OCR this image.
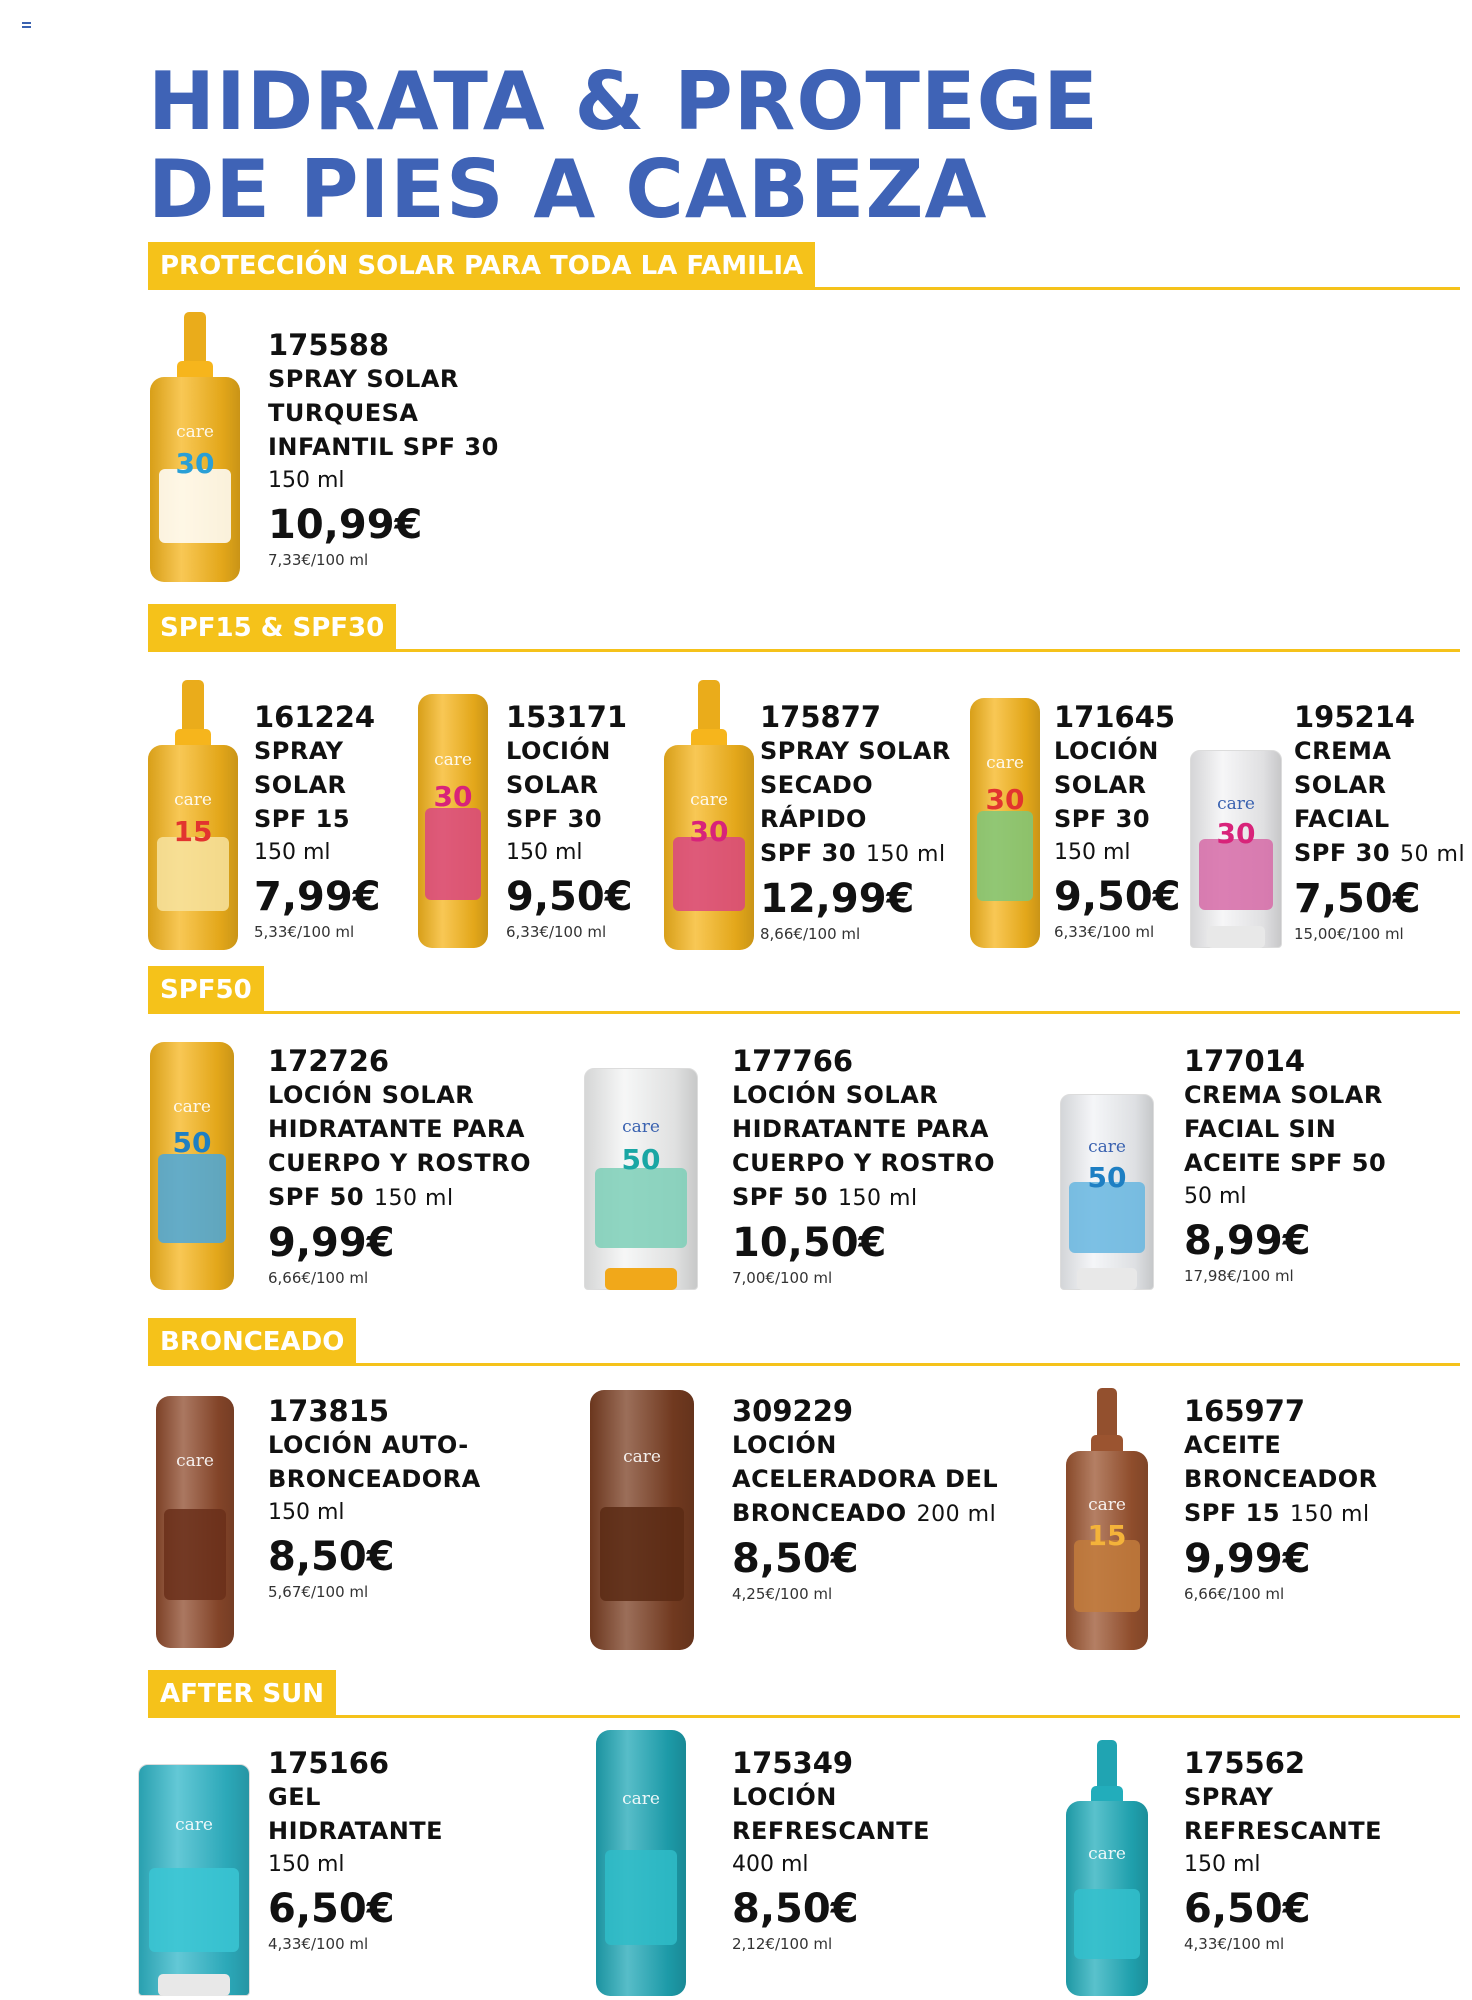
HIDRATA & PROTEGE
DE PIES A CABEZA
PROTECCIÓN SOLAR PARA TODA LA FAMILIA
SPF15 & SPF30
SPF50
BRONCEADO
AFTER SUN
care
30
175588
SPRAY SOLAR
TURQUESA
INFANTIL SPF 30
150 ml
10,99€
7,33€/100 ml
care
15
161224
SPRAY
SOLAR
SPF 15
150 ml
7,99€
5,33€/100 ml
care
30
153171
LOCIÓN
SOLAR
SPF 30
150 ml
9,50€
6,33€/100 ml
care
30
175877
SPRAY SOLAR
SECADO
RÁPIDO
SPF 30 150 ml
12,99€
8,66€/100 ml
care
30
171645
LOCIÓN
SOLAR
SPF 30
150 ml
9,50€
6,33€/100 ml
care
30
195214
CREMA
SOLAR
FACIAL
SPF 30 50 ml
7,50€
15,00€/100 ml
care
50
172726
LOCIÓN SOLAR
HIDRATANTE PARA
CUERPO Y ROSTRO
SPF 50 150 ml
9,99€
6,66€/100 ml
care
50
177766
LOCIÓN SOLAR
HIDRATANTE PARA
CUERPO Y ROSTRO
SPF 50 150 ml
10,50€
7,00€/100 ml
care
50
177014
CREMA SOLAR
FACIAL SIN
ACEITE SPF 50
50 ml
8,99€
17,98€/100 ml
care
173815
LOCIÓN AUTO-
BRONCEADORA
150 ml
8,50€
5,67€/100 ml
care
309229
LOCIÓN
ACELERADORA DEL
BRONCEADO 200 ml
8,50€
4,25€/100 ml
care
15
165977
ACEITE
BRONCEADOR
SPF 15 150 ml
9,99€
6,66€/100 ml
care
175166
GEL
HIDRATANTE
150 ml
6,50€
4,33€/100 ml
care
175349
LOCIÓN
REFRESCANTE
400 ml
8,50€
2,12€/100 ml
care
175562
SPRAY
REFRESCANTE
150 ml
6,50€
4,33€/100 ml
